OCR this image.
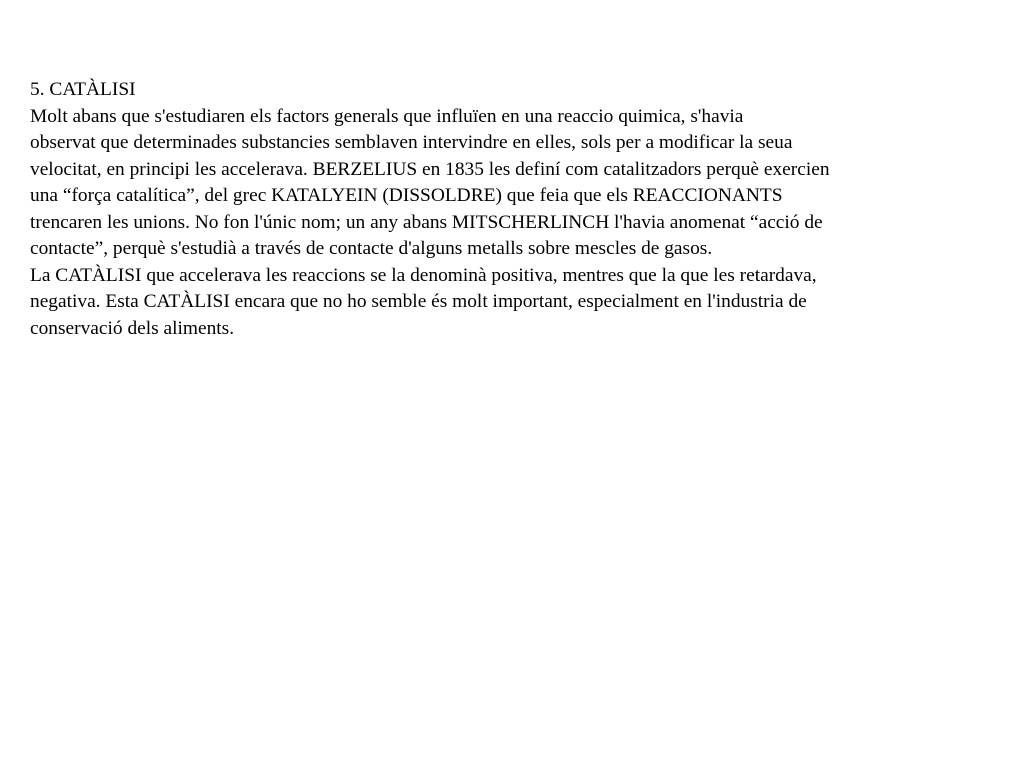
5. CATÀLISI
Molt abans que s'estudiaren els factors generals que influïen en una reaccio quimica, s'havia
observat que determinades substancies semblaven intervindre en elles, sols per a modificar la seua
velocitat, en principi les accelerava. BERZELIUS en 1835 les definí com catalitzadors perquè exercien
una “força catalítica”, del grec KATALYEIN (DISSOLDRE) que feia que els REACCIONANTS
trencaren les unions. No fon l'únic nom; un any abans MITSCHERLINCH l'havia anomenat “acció de
contacte”, perquè s'estudià a través de contacte d'alguns metalls sobre mescles de gasos.
La CATÀLISI que accelerava les reaccions se la denominà positiva, mentres que la que les retardava,
negativa. Esta CATÀLISI encara que no ho semble és molt important, especialment en l'industria de
conservació dels aliments.
